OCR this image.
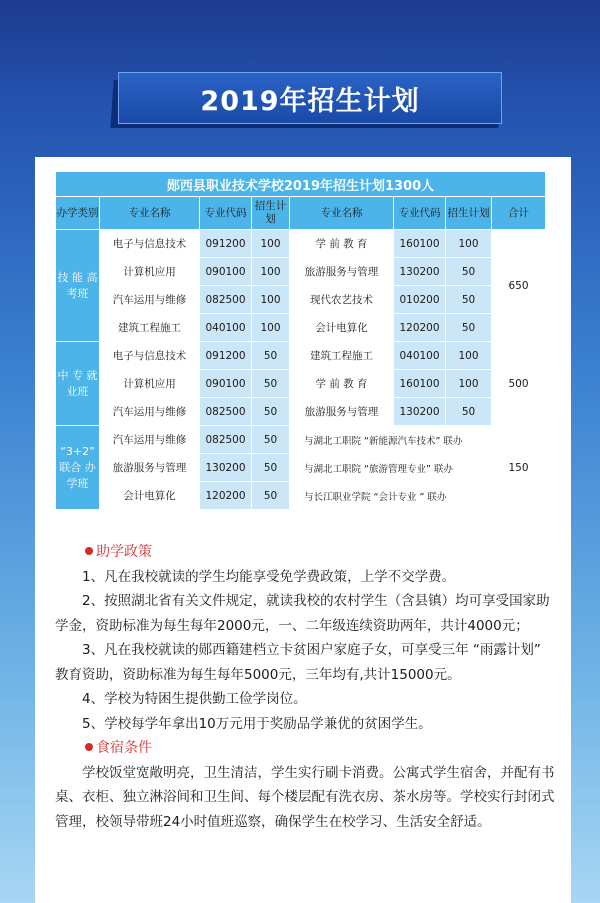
2019年招生计划
郧西县职业技术学校2019年招生计划1300人							
办学类别	专业名称	专业代码	招生计划	专业名称	专业代码	招生计划	合计
技 能 高考班	电子与信息技术	091200	100	学 前 教 育	160100	100	650
	计算机应用	090100	100	旅游服务与管理	130200	50	
	汽车运用与维修	082500	100	现代农艺技术	010200	50	
	建筑工程施工	040100	100	会计电算化	120200	50	
中 专 就业班	电子与信息技术	091200	50	建筑工程施工	040100	100	500
	计算机应用	090100	50	学 前 教 育	160100	100	
	汽车运用与维修	082500	50	旅游服务与管理	130200	50	
“3+2” 联合 办学班	汽车运用与维修	082500	50	与湖北工职院 “新能源汽车技术” 联办			150
	旅游服务与管理	130200	50	与湖北工职院 “旅游管理专业” 联办			
	会计电算化	120200	50	与长江职业学院 “会计专业 ” 联办			
助学政策

1、凡在我校就读的学生均能享受免学费政策，上学不交学费。

2、按照湖北省有关文件规定，就读我校的农村学生（含县镇）均可享受国家助学金，资助标准为每生每年2000元，一、二年级连续资助两年，共计4000元；

3、凡在我校就读的郧西籍建档立卡贫困户家庭子女，可享受三年 “雨露计划” 教育资助，资助标准为每生每年5000元，三年均有,共计15000元。

4、学校为特困生提供勤工俭学岗位。

5、学校每学年拿出10万元用于奖励品学兼优的贫困学生。

食宿条件

学校饭堂宽敞明亮，卫生清洁，学生实行刷卡消费。公寓式学生宿舍，并配有书桌、衣柜、独立淋浴间和卫生间、每个楼层配有洗衣房、茶水房等。学校实行封闭式管理，校领导带班24小时值班巡察，确保学生在校学习、生活安全舒适。
